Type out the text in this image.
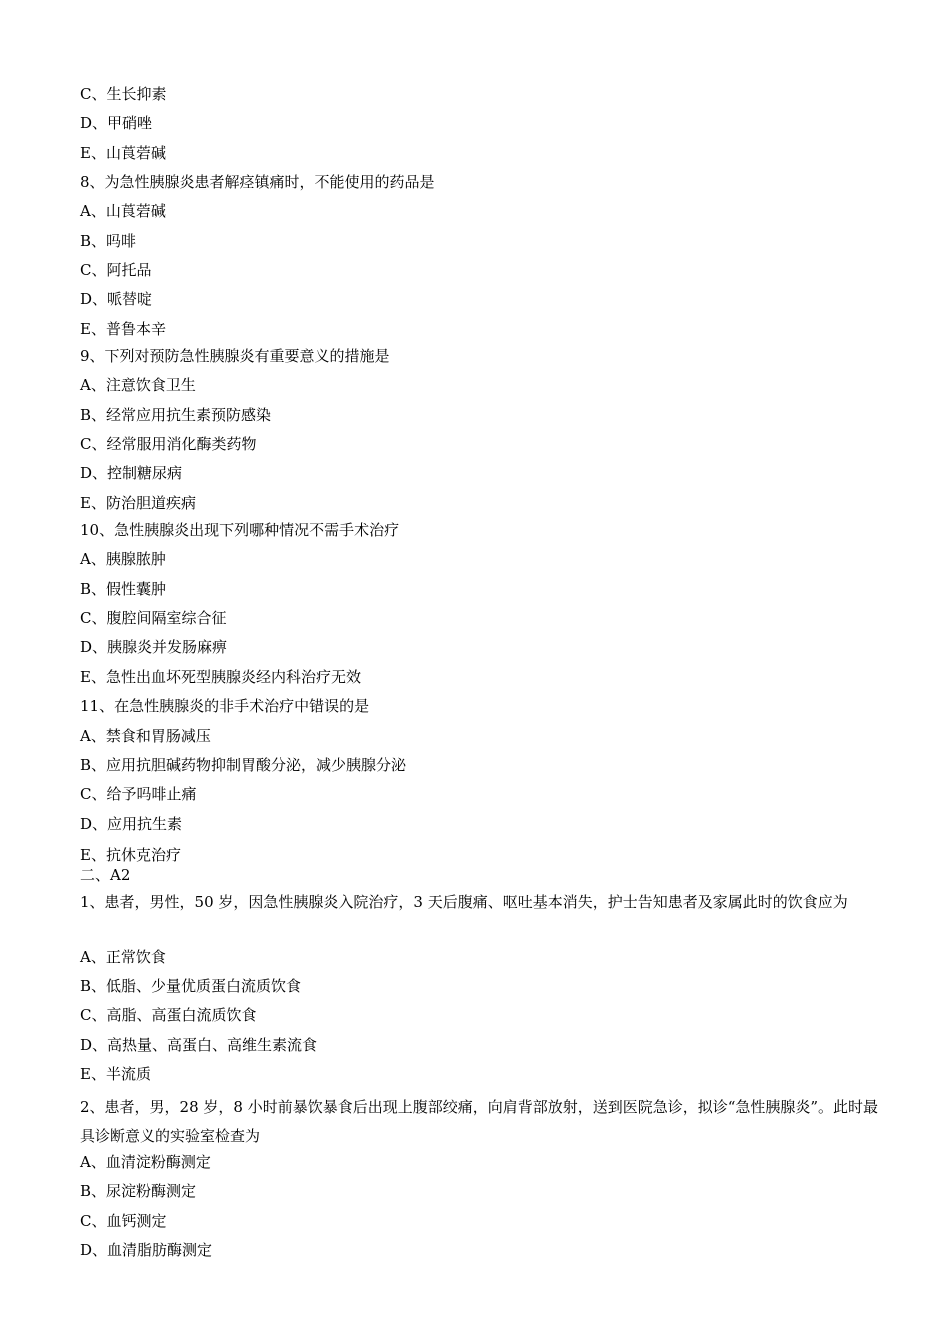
C、生长抑素
D、甲硝唑
E、山莨菪碱
8、为急性胰腺炎患者解痉镇痛时，不能使用的药品是
A、山莨菪碱
B、吗啡
C、阿托品
D、哌替啶
E、普鲁本辛
9、下列对预防急性胰腺炎有重要意义的措施是
A、注意饮食卫生
B、经常应用抗生素预防感染
C、经常服用消化酶类药物
D、控制糖尿病
E、防治胆道疾病
10、急性胰腺炎出现下列哪种情况不需手术治疗
A、胰腺脓肿
B、假性囊肿
C、腹腔间隔室综合征
D、胰腺炎并发肠麻痹
E、急性出血坏死型胰腺炎经内科治疗无效
11、在急性胰腺炎的非手术治疗中错误的是
A、禁食和胃肠减压
B、应用抗胆碱药物抑制胃酸分泌，减少胰腺分泌
C、给予吗啡止痛
D、应用抗生素
E、抗休克治疗
二、A2
1、患者，男性，50 岁，因急性胰腺炎入院治疗，3 天后腹痛、呕吐基本消失，护士告知患者及家属此时的饮食应为
A、正常饮食
B、低脂、少量优质蛋白流质饮食
C、高脂、高蛋白流质饮食
D、高热量、高蛋白、高维生素流食
E、半流质
2、患者，男，28 岁，8 小时前暴饮暴食后出现上腹部绞痛，向肩背部放射，送到医院急诊，拟诊“急性胰腺炎”。此时最具诊断意义的实验室检查为
A、血清淀粉酶测定
B、尿淀粉酶测定
C、血钙测定
D、血清脂肪酶测定
